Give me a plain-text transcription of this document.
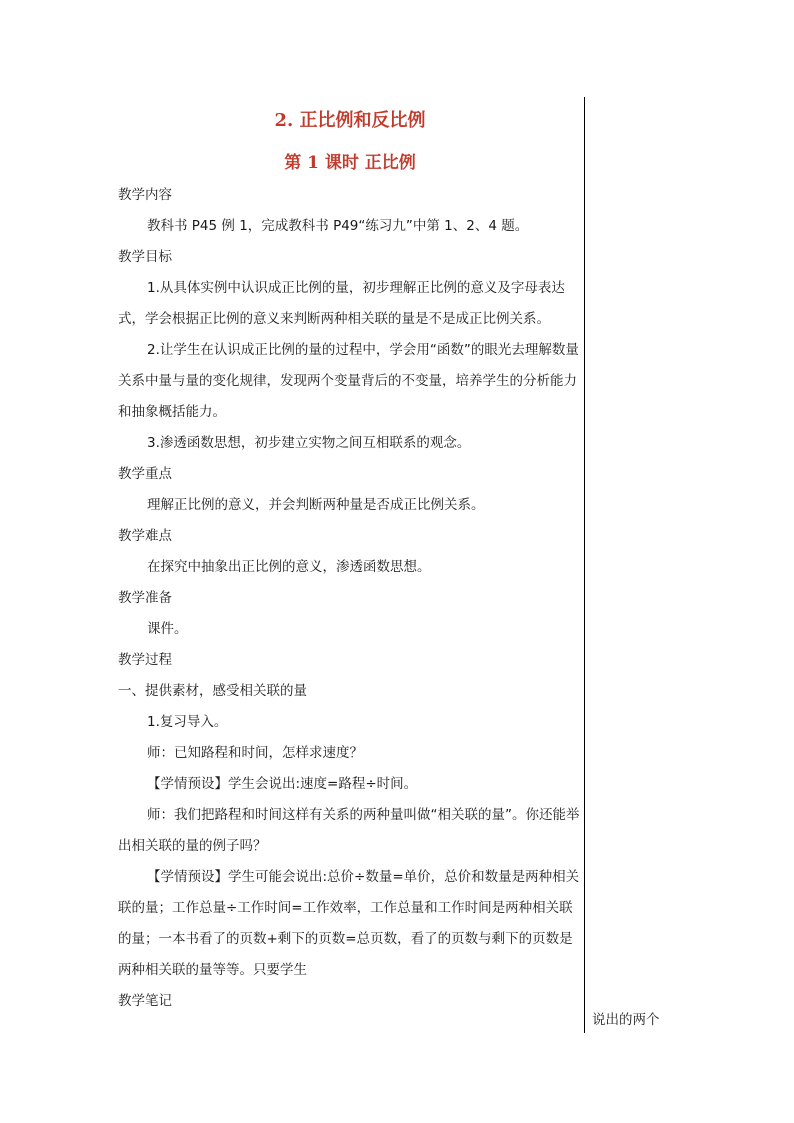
2. 正比例和反比例
第 1 课时 正比例

教学内容

教科书 P45 例 1，完成教科书 P49“练习九”中第 1、2、4 题。

教学目标

1.从具体实例中认识成正比例的量，初步理解正比例的意义及字母表达式，学会根据正比例的意义来判断两种相关联的量是不是成正比例关系。

2.让学生在认识成正比例的量的过程中，学会用“函数”的眼光去理解数量关系中量与量的变化规律，发现两个变量背后的不变量，培养学生的分析能力和抽象概括能力。

3.渗透函数思想，初步建立实物之间互相联系的观念。

教学重点

理解正比例的意义，并会判断两种量是否成正比例关系。

教学难点

在探究中抽象出正比例的意义，渗透函数思想。

教学准备

课件。

教学过程

一、提供素材，感受相关联的量

1.复习导入。

师：已知路程和时间，怎样求速度？

【学情预设】学生会说出:速度=路程÷时间。

师：我们把路程和时间这样有关系的两种量叫做“相关联的量”。你还能举出相关联的量的例子吗？

【学情预设】学生可能会说出:总价÷数量=单价，总价和数量是两种相关联的量；工作总量÷工作时间=工作效率，工作总量和工作时间是两种相关联的量；一本书看了的页数+剩下的页数=总页数，看了的页数与剩下的页数是两种相关联的量等等。只要学生

教学笔记

说出的两个
